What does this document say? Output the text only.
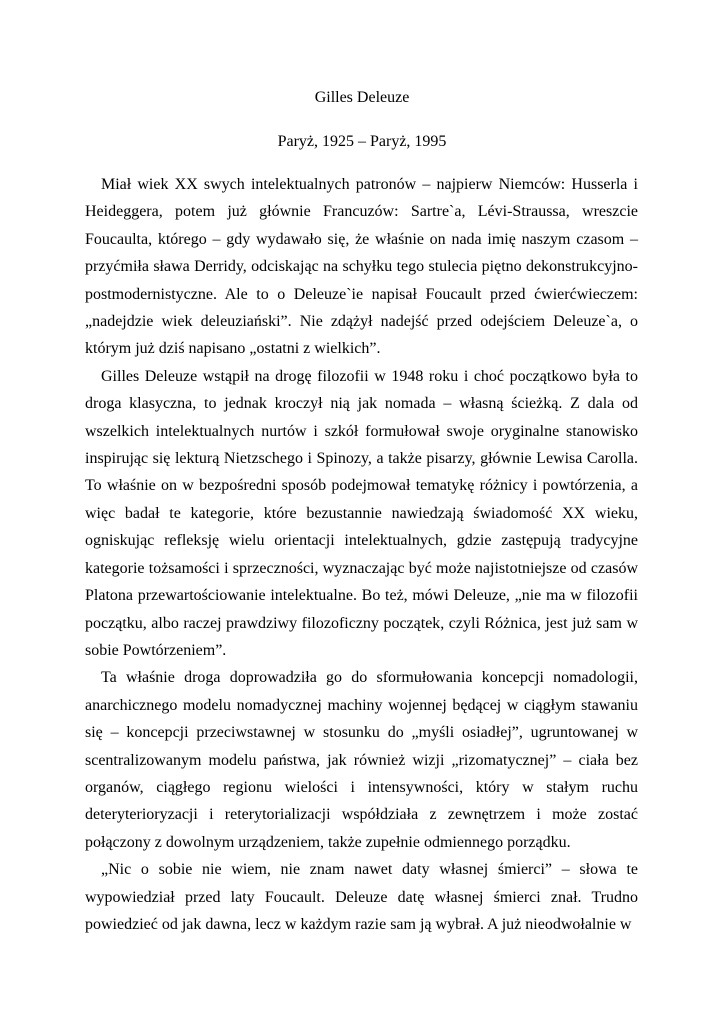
Gilles Deleuze
Paryż, 1925 – Paryż, 1995

Miał wiek XX swych intelektualnych patronów – najpierw Niemców: Husserla i Heideggera, potem już głównie Francuzów: Sartre`a, Lévi-Straussa, wreszcie Foucaulta, którego – gdy wydawało się, że właśnie on nada imię naszym czasom – przyćmiła sława Derridy, odciskając na schyłku tego stulecia piętno dekonstrukcyjno-postmodernistyczne. Ale to o Deleuze`ie napisał Foucault przed ćwierćwieczem: „nadejdzie wiek deleuziański”. Nie zdążył nadejść przed odejściem Deleuze`a, o którym już dziś napisano „ostatni z wielkich”.

Gilles Deleuze wstąpił na drogę filozofii w 1948 roku i choć początkowo była to droga klasyczna, to jednak kroczył nią jak nomada – własną ścieżką. Z dala od wszelkich intelektualnych nurtów i szkół formułował swoje oryginalne stanowisko inspirując się lekturą Nietzschego i Spinozy, a także pisarzy, głównie Lewisa Carolla. To właśnie on w bezpośredni sposób podejmował tematykę różnicy i powtórzenia, a więc badał te kategorie, które bezustannie nawiedzają świadomość XX wieku, ogniskując refleksję wielu orientacji intelektualnych, gdzie zastępują tradycyjne kategorie tożsamości i sprzeczności, wyznaczając być może najistotniejsze od czasów Platona przewartościowanie intelektualne. Bo też, mówi Deleuze, „nie ma w filozofii początku, albo raczej prawdziwy filozoficzny początek, czyli Różnica, jest już sam w sobie Powtórzeniem”.

Ta właśnie droga doprowadziła go do sformułowania koncepcji nomadologii, anarchicznego modelu nomadycznej machiny wojennej będącej w ciągłym stawaniu się – koncepcji przeciwstawnej w stosunku do „myśli osiadłej”, ugruntowanej w scentralizowanym modelu państwa, jak również wizji „rizomatycznej” – ciała bez organów, ciągłego regionu wielości i intensywności, który w stałym ruchu deteryterioryzacji i reterytorializacji współdziała z zewnętrzem i może zostać połączony z dowolnym urządzeniem, także zupełnie odmiennego porządku.

„Nic o sobie nie wiem, nie znam nawet daty własnej śmierci” – słowa te wypowiedział przed laty Foucault. Deleuze datę własnej śmierci znał. Trudno powiedzieć od jak dawna, lecz w każdym razie sam ją wybrał. A już nieodwołalnie w
